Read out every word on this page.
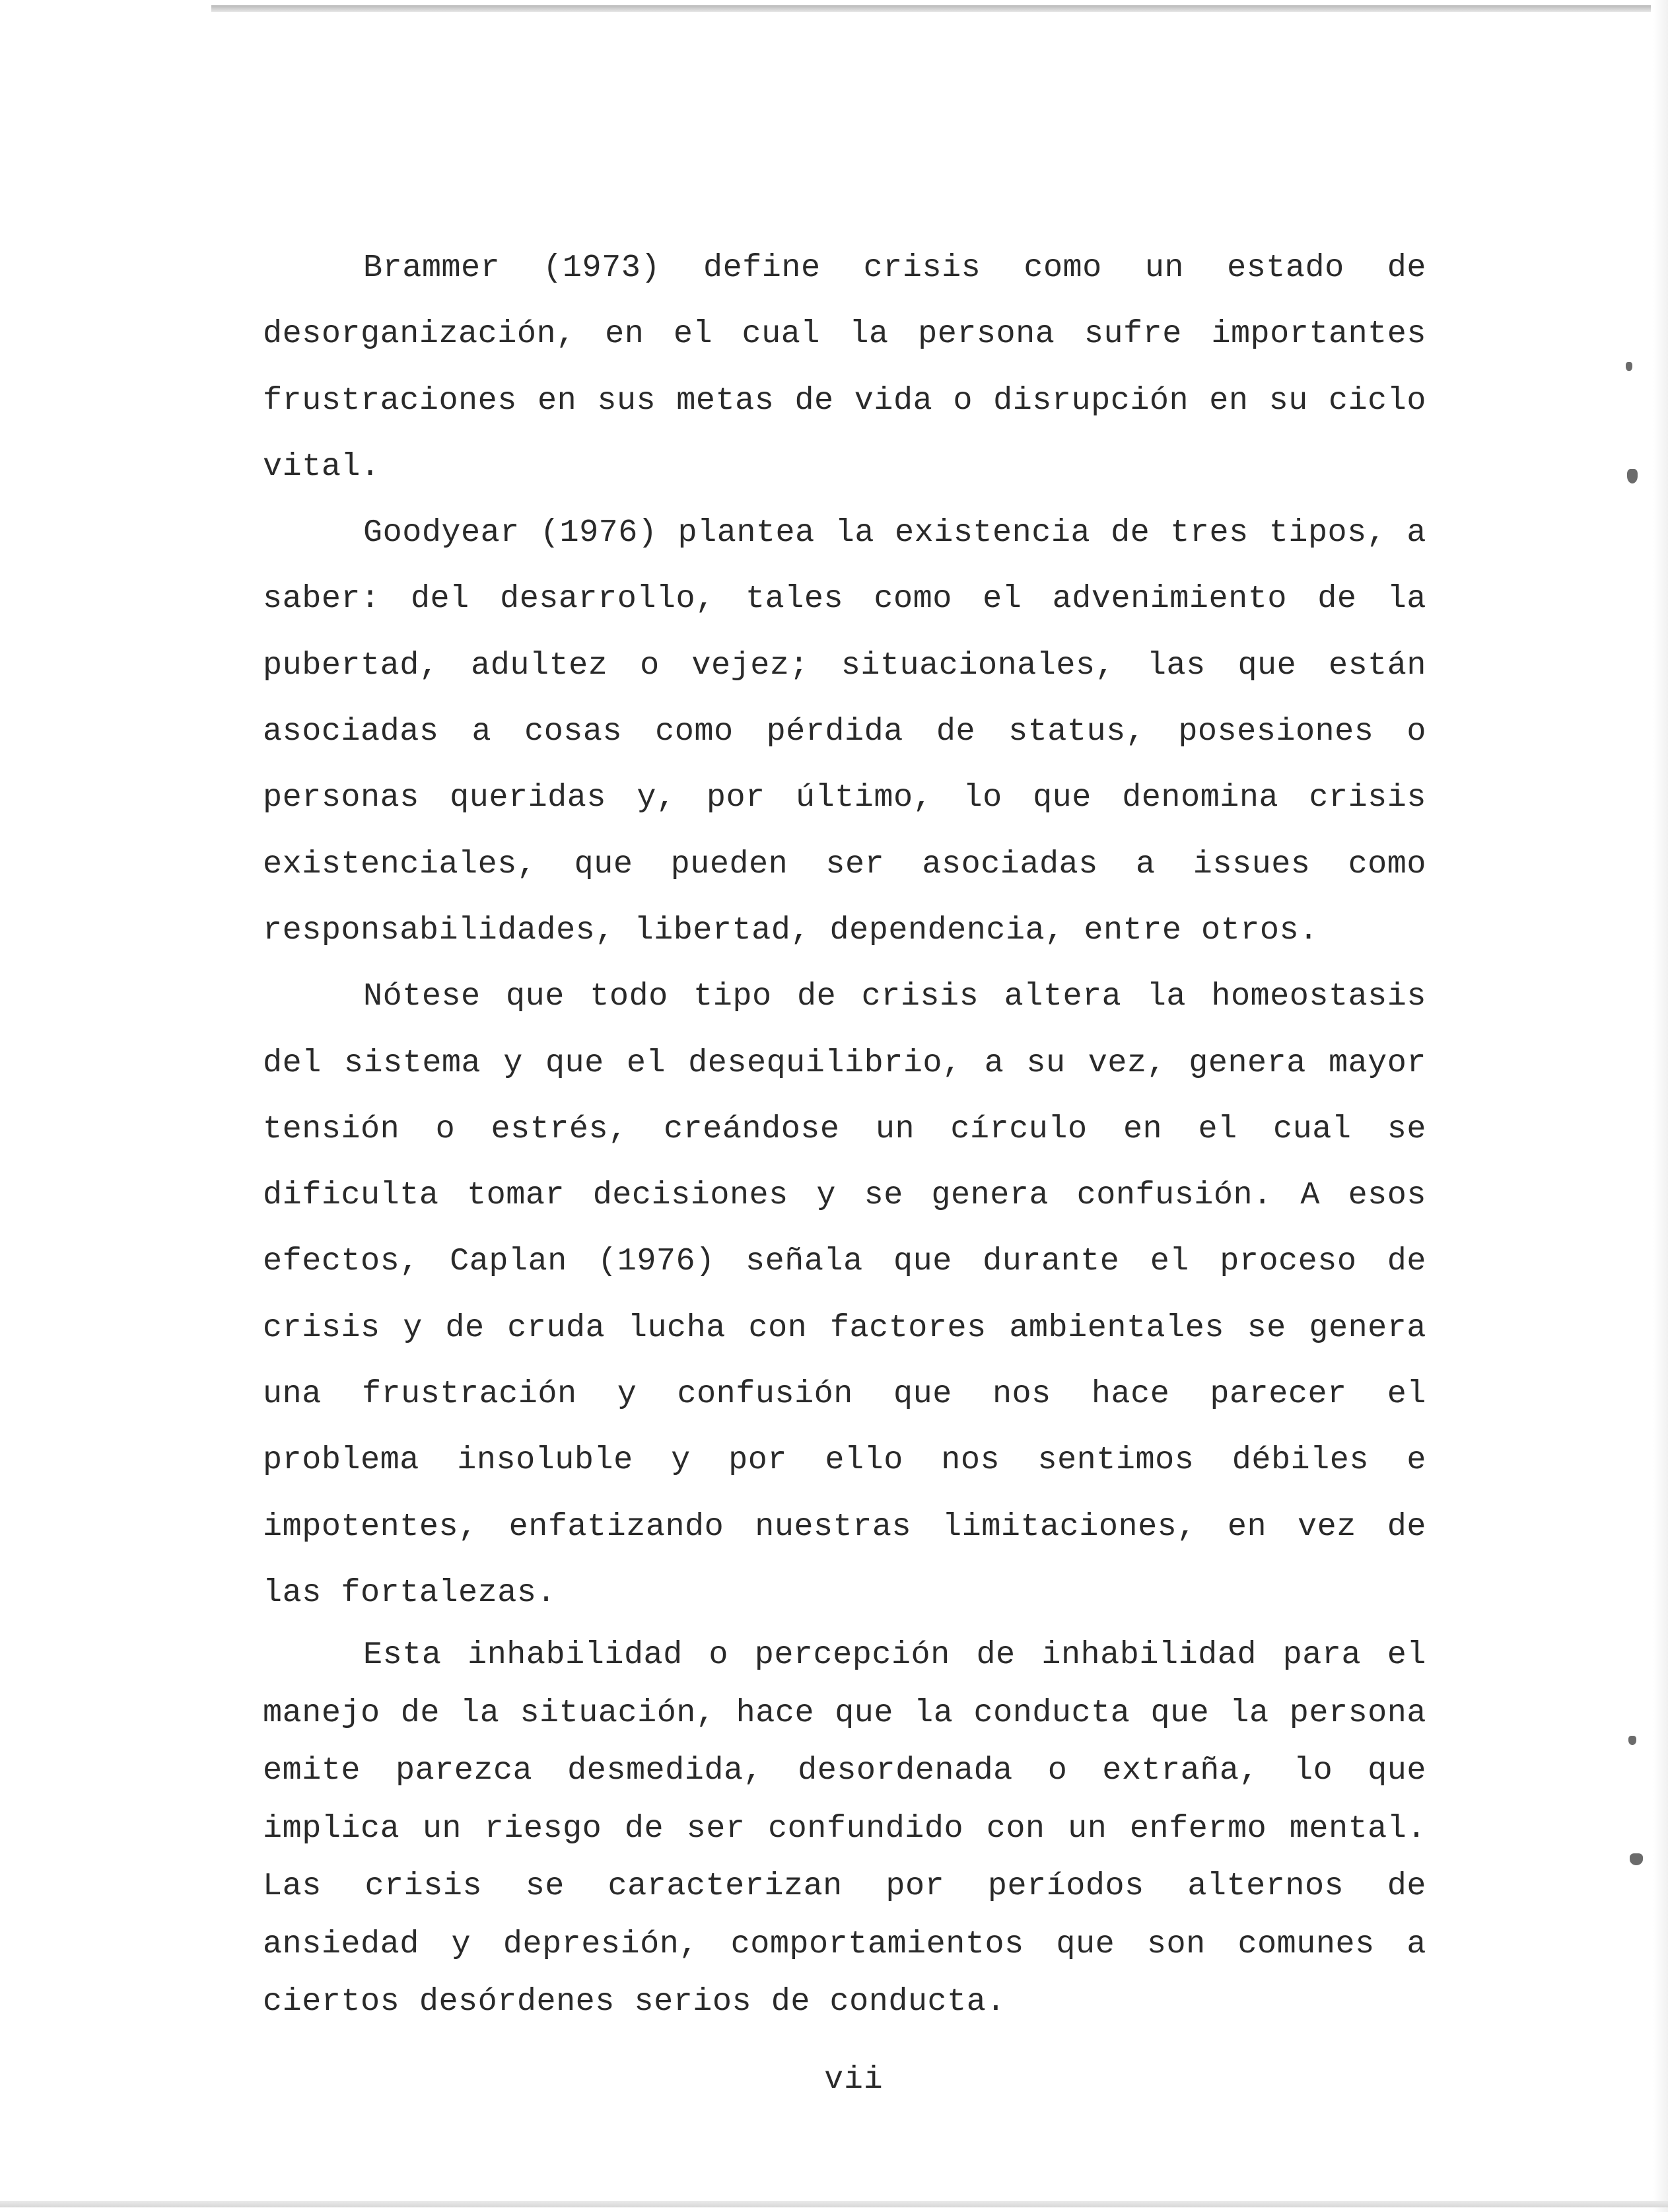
Brammer (1973) define crisis como un estado de desorganización, en el cual la persona sufre importantes frustraciones en sus metas de vida o disrupción en su ciclo vital.

Goodyear (1976) plantea la existencia de tres tipos, a saber: del desarrollo, tales como el advenimiento de la pubertad, adultez o vejez; situacionales, las que están asociadas a cosas como pérdida de status, posesiones o personas queridas y, por último, lo que denomina crisis existenciales, que pueden ser asociadas a issues como responsabilidades, libertad, dependencia, entre otros.

Nótese que todo tipo de crisis altera la homeostasis del sistema y que el desequilibrio, a su vez, genera mayor tensión o estrés, creándose un círculo en el cual se dificulta tomar decisiones y se genera confusión. A esos efectos, Caplan (1976) señala que durante el proceso de crisis y de cruda lucha con factores ambientales se genera una frustración y confusión que nos hace parecer el problema insoluble y por ello nos sentimos débiles e impotentes, enfatizando nuestras limitaciones, en vez de las fortalezas.

Esta inhabilidad o percepción de inhabilidad para el manejo de la situación, hace que la conducta que la persona emite parezca desmedida, desordenada o extraña, lo que implica un riesgo de ser confundido con un enfermo mental. Las crisis se caracterizan por períodos alternos de ansiedad y depresión, comportamientos que son comunes a ciertos desórdenes serios de conducta.

vii
